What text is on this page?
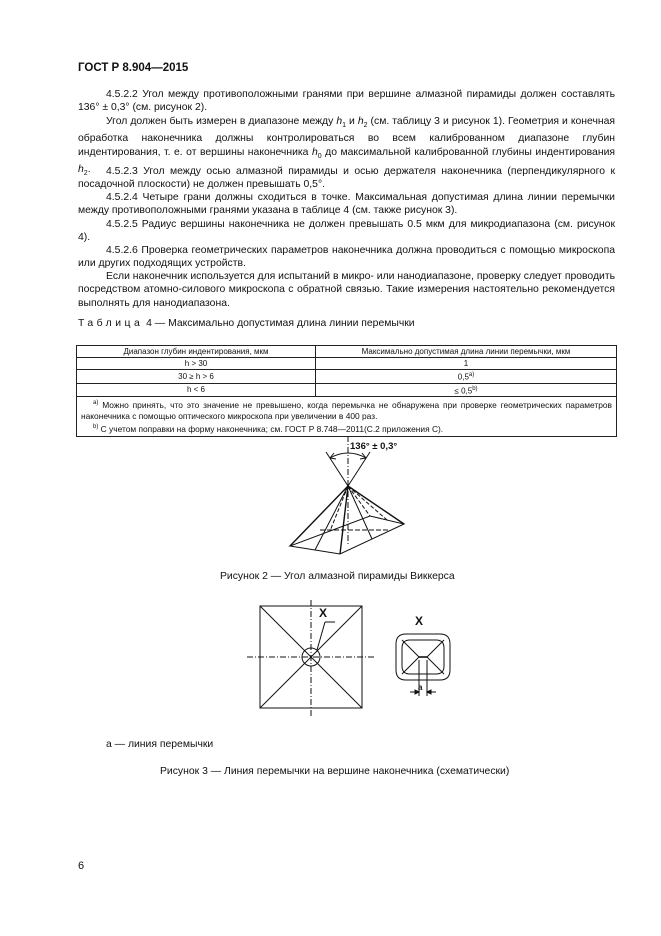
ГОСТ Р 8.904—2015
4.5.2.2 Угол между противоположными гранями при вершине алмазной пирамиды должен составлять 136° ± 0,3° (см. рисунок 2).
Угол должен быть измерен в диапазоне между $h_1$ и $h_2$ (см. таблицу 3 и рисунок 1). Геометрия и конечная обработка наконечника должны контролироваться во всем калиброванном диапазоне глубин индентирования, т. е. от вершины наконечника $h_0$ до максимальной калиброванной глубины индентирования $h_2$.	4.5.2.3 Угол между осью алмазной пирамиды и осью держателя наконечника (перпендикулярного к посадочной плоскости) не должен превышать 0,5°.
4.5.2.4 Четыре грани должны сходиться в точке. Максимальная допустимая длина линии перемычки между противоположными гранями указана в таблице 4 (см. также рисунок 3).
4.5.2.5 Радиус вершины наконечника не должен превышать 0.5 мкм для микродиапазона (см. рисунок 4).
4.5.2.6 Проверка геометрических параметров наконечника должна проводиться с помощью микроскопа или других подходящих устройств.
Если наконечник используется для испытаний в микро- или нанодиапазоне, проверку следует проводить посредством атомно-силового микроскопа с обратной связью. Такие измерения настоятельно рекомендуется выполнять для нанодиапазона.
Таблица 4 — Максимально допустимая длина линии перемычки
Диапазон глубин индентирования, мкм	Максимально допустимая длина линии перемычки, мкм
h > 30	1
30 ≥ h > 6	0,5$^{a)}$
h < 6	≤ $0,5^{b)}$

$^{a)}$ Можно принять, что это значение не превышено, когда перемычка не обнаружена при проверке геометрических параметров наконечника с помощью оптического микроскопа при увеличении в 400 раз.
$^{b)}$ С учетом поправки на форму наконечника; см. ГОСТ Р 8.748—2011(С.2 приложения С).	
136° ± 0,3°
Рисунок 2 — Угол алмазной пирамиды Виккерса
X
X
a
a — линия перемычки
Рисунок 3 — Линия перемычки на вершине наконечника (схематически)
6
